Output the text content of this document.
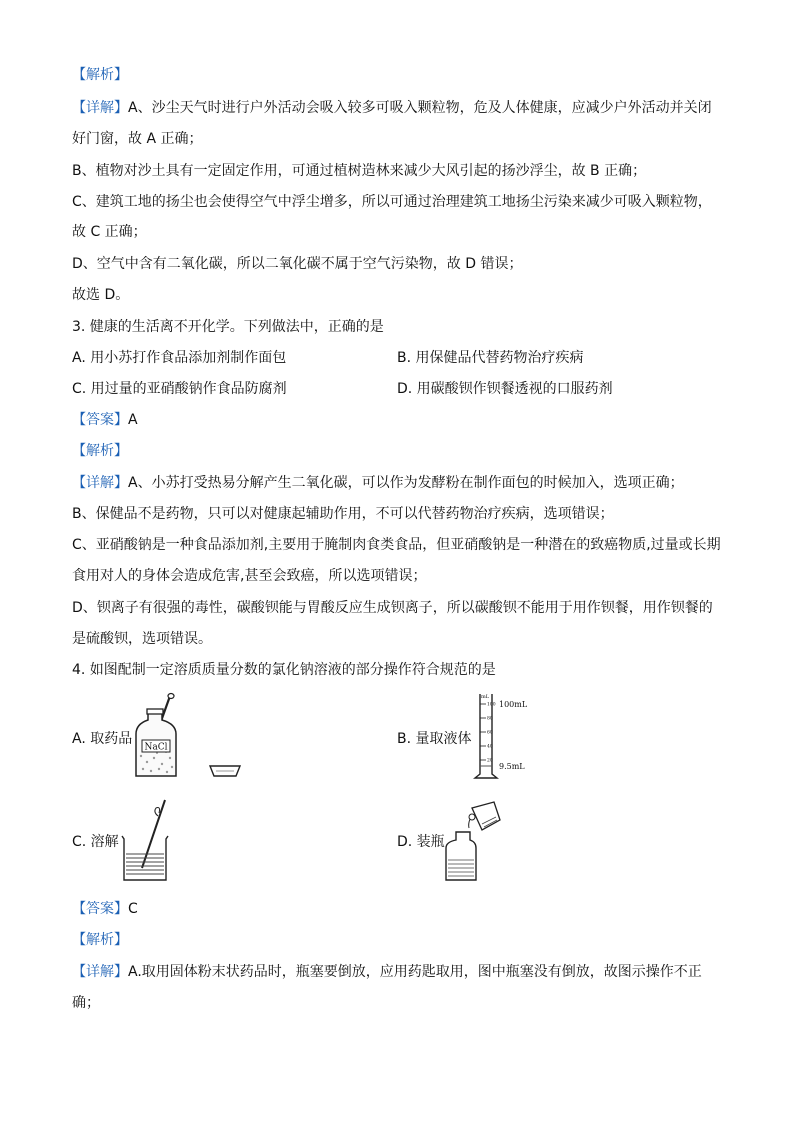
【解析】
【详解】A、沙尘天气时进行户外活动会吸入较多可吸入颗粒物，危及人体健康，应减少户外活动并关闭
好门窗，故 A 正确；
B、植物对沙土具有一定固定作用，可通过植树造林来减少大风引起的扬沙浮尘，故 B 正确；
C、建筑工地的扬尘也会使得空气中浮尘增多，所以可通过治理建筑工地扬尘污染来减少可吸入颗粒物，
故 C 正确；
D、空气中含有二氧化碳，所以二氧化碳不属于空气污染物，故 D 错误；
故选 D。
3. 健康的生活离不开化学。下列做法中，正确的是
A. 用小苏打作食品添加剂制作面包	B. 用保健品代替药物治疗疾病
C. 用过量的亚硝酸钠作食品防腐剂	D. 用碳酸钡作钡餐透视的口服药剂
【答案】A
【解析】
【详解】A、小苏打受热易分解产生二氧化碳，可以作为发酵粉在制作面包的时候加入，选项正确；
B、保健品不是药物，只可以对健康起辅助作用，不可以代替药物治疗疾病，选项错误；
C、亚硝酸钠是一种食品添加剂,主要用于腌制肉食类食品，但亚硝酸钠是一种潜在的致癌物质,过量或长期
食用对人的身体会造成危害,甚至会致癌，所以选项错误；
D、钡离子有很强的毒性，碳酸钡能与胃酸反应生成钡离子，所以碳酸钡不能用于用作钡餐，用作钡餐的
是硫酸钡，选项错误。
4. 如图配制一定溶质质量分数的氯化钠溶液的部分操作符合规范的是
A. 取药品
NaCl
B. 量取液体
mL
100
80
60
40
20
100mL
9.5mL
C. 溶解	D. 装瓶
【答案】C
【解析】
【详解】A.取用固体粉末状药品时，瓶塞要倒放，应用药匙取用，图中瓶塞没有倒放，故图示操作不正
确；
